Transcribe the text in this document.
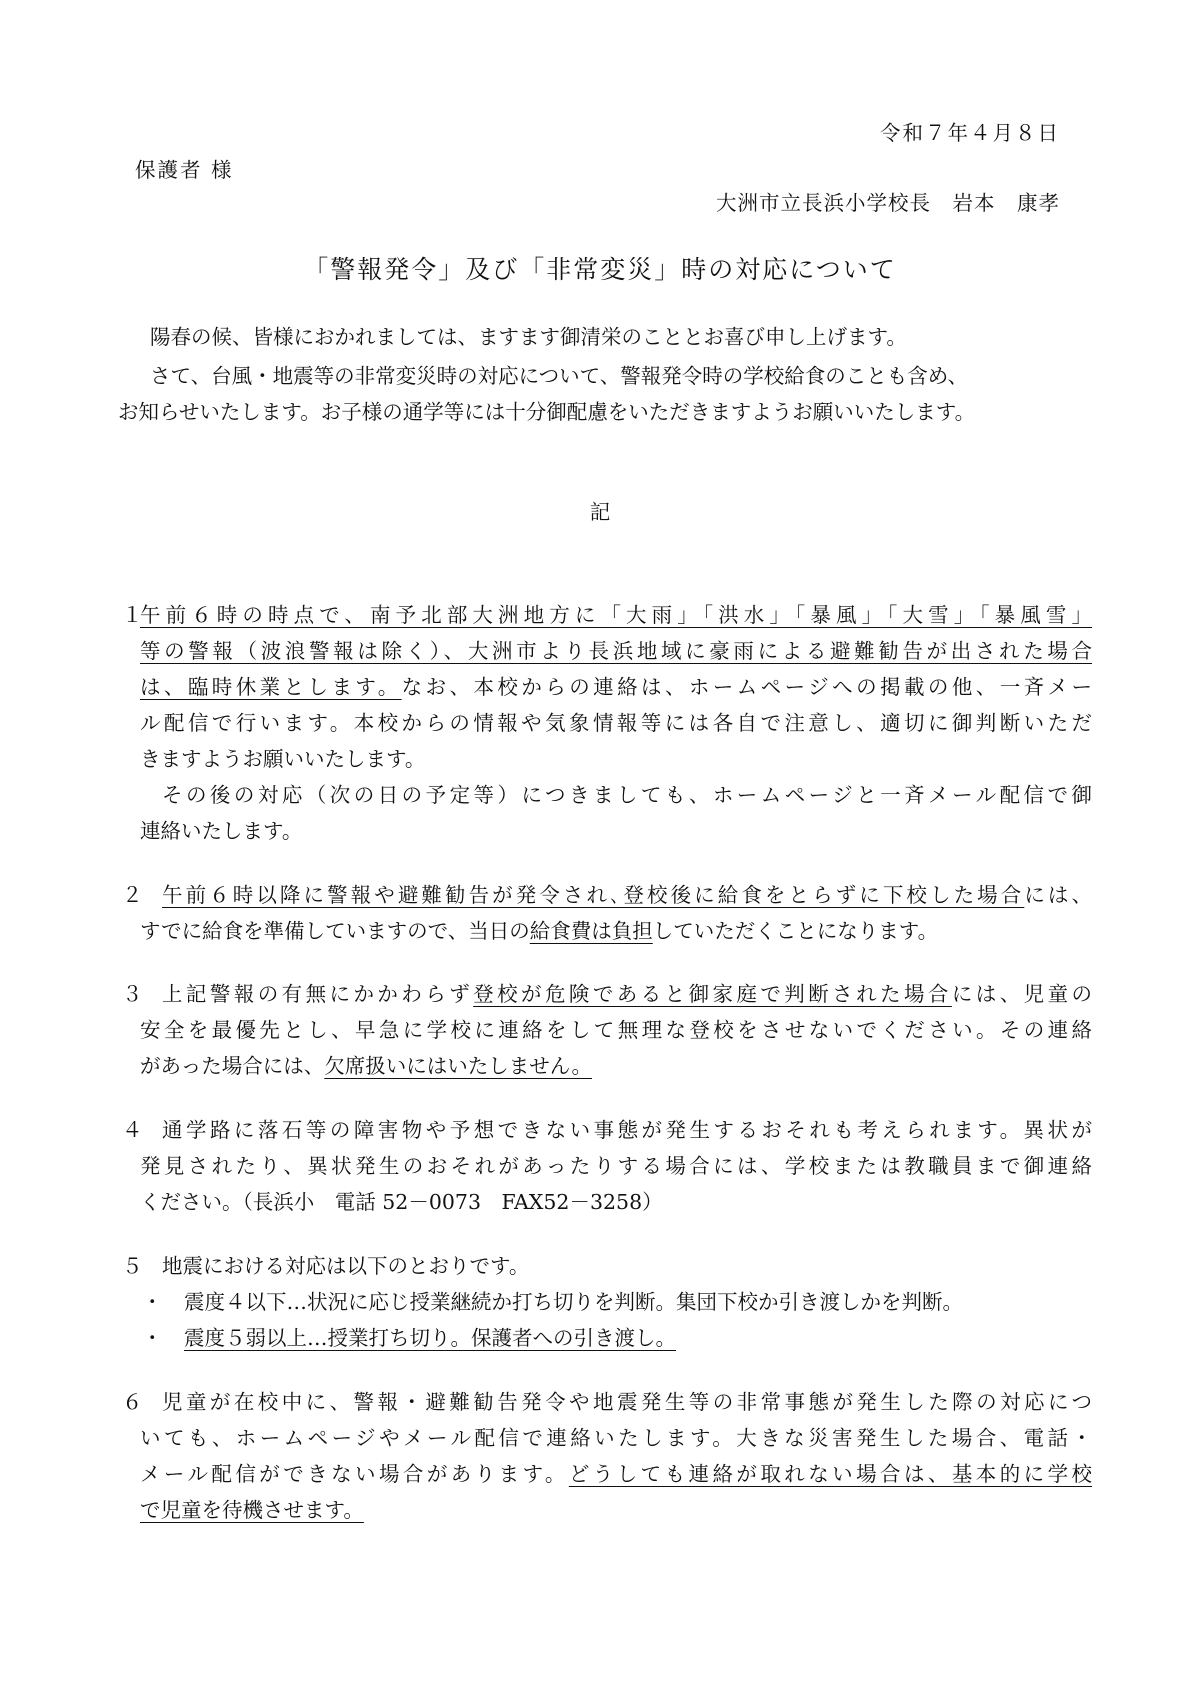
令和７年４月８日
保護者 様
大洲市立長浜小学校長　岩本　康孝
「警報発令」及び「非常変災」時の対応について
陽春の候、皆様におかれましては、ますます御清栄のこととお喜び申し上げます。
さて、台風・地震等の非常変災時の対応について、警報発令時の学校給食のことも含め、
お知らせいたします。お子様の通学等には十分御配慮をいただきますようお願いいたします。
記
１
午前６時の時点で、南予北部大洲地方に「大雨」「洪水」「暴風」「大雪」「暴風雪」
等の警報（波浪警報は除く）、大洲市より長浜地域に豪雨による避難勧告が出された場合
は、臨時休業とします。なお、本校からの連絡は、ホームページへの掲載の他、一斉メー
ル配信で行います。本校からの情報や気象情報等には各自で注意し、適切に御判断いただ
きますようお願いいたします。
その後の対応（次の日の予定等）につきましても、ホームページと一斉メール配信で御
連絡いたします。
２ 午前６時以降に警報や避難勧告が発令され､登校後に給食をとらずに下校した場合には、
すでに給食を準備していますので、当日の給食費は負担していただくことになります。
３ 上記警報の有無にかかわらず登校が危険であると御家庭で判断された場合には、児童の
安全を最優先とし、早急に学校に連絡をして無理な登校をさせないでください。その連絡
があった場合には、欠席扱いにはいたしません。
４ 通学路に落石等の障害物や予想できない事態が発生するおそれも考えられます。異状が
発見されたり、異状発生のおそれがあったりする場合には、学校または教職員まで御連絡
ください。（長浜小　電話 52－0073　FAX52－3258）
５ 地震における対応は以下のとおりです。
・ 震度４以下…状況に応じ授業継続か打ち切りを判断。集団下校か引き渡しかを判断。
・ 震度５弱以上…授業打ち切り。保護者への引き渡し。
６ 児童が在校中に、警報・避難勧告発令や地震発生等の非常事態が発生した際の対応につ
いても、ホームページやメール配信で連絡いたします。大きな災害発生した場合、電話・
メール配信ができない場合があります。どうしても連絡が取れない場合は、基本的に学校
で児童を待機させます。
